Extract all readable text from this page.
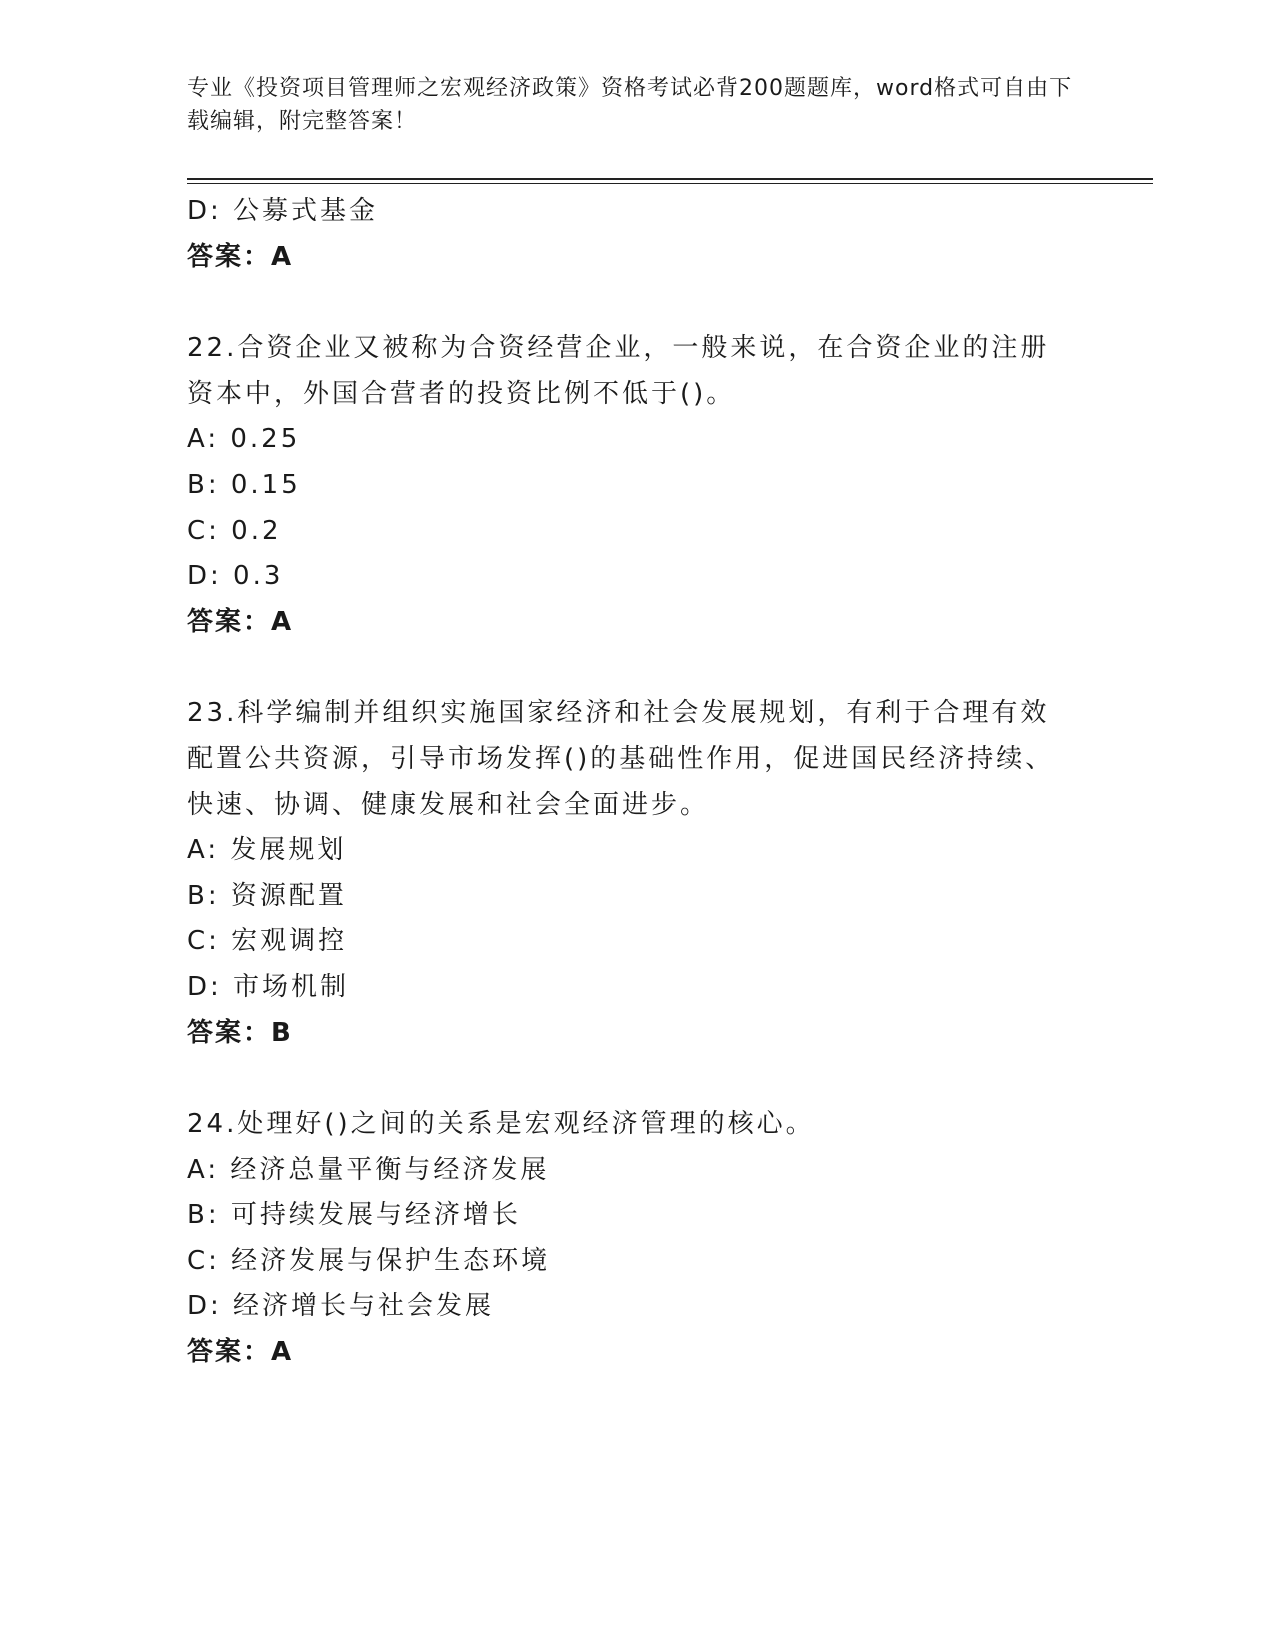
专业《投资项目管理师之宏观经济政策》资格考试必背200题题库，word格式可自由下载编辑，附完整答案！
D: 公募式基金
答案：A
22.合资企业又被称为合资经营企业，一般来说，在合资企业的注册资本中，外国合营者的投资比例不低于()。
A: 0.25
B: 0.15
C: 0.2
D: 0.3
答案：A
23.科学编制并组织实施国家经济和社会发展规划，有利于合理有效配置公共资源，引导市场发挥()的基础性作用，促进国民经济持续、快速、协调、健康发展和社会全面进步。
A: 发展规划
B: 资源配置
C: 宏观调控
D: 市场机制
答案：B
24.处理好()之间的关系是宏观经济管理的核心。
A: 经济总量平衡与经济发展
B: 可持续发展与经济增长
C: 经济发展与保护生态环境
D: 经济增长与社会发展
答案：A
